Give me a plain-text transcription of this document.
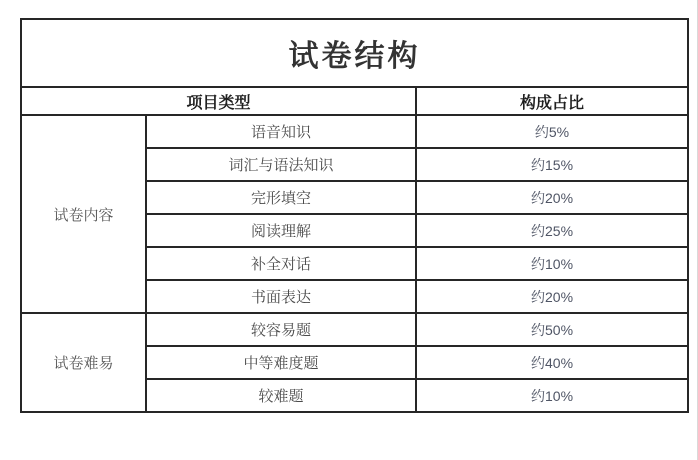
试卷结构		
项目类型		构成占比
试卷内容	语音知识	约5%
	词汇与语法知识	约15%
	完形填空	约20%
	阅读理解	约25%
	补全对话	约10%
	书面表达	约20%
试卷难易	较容易题	约50%
	中等难度题	约40%
	较难题	约10%
